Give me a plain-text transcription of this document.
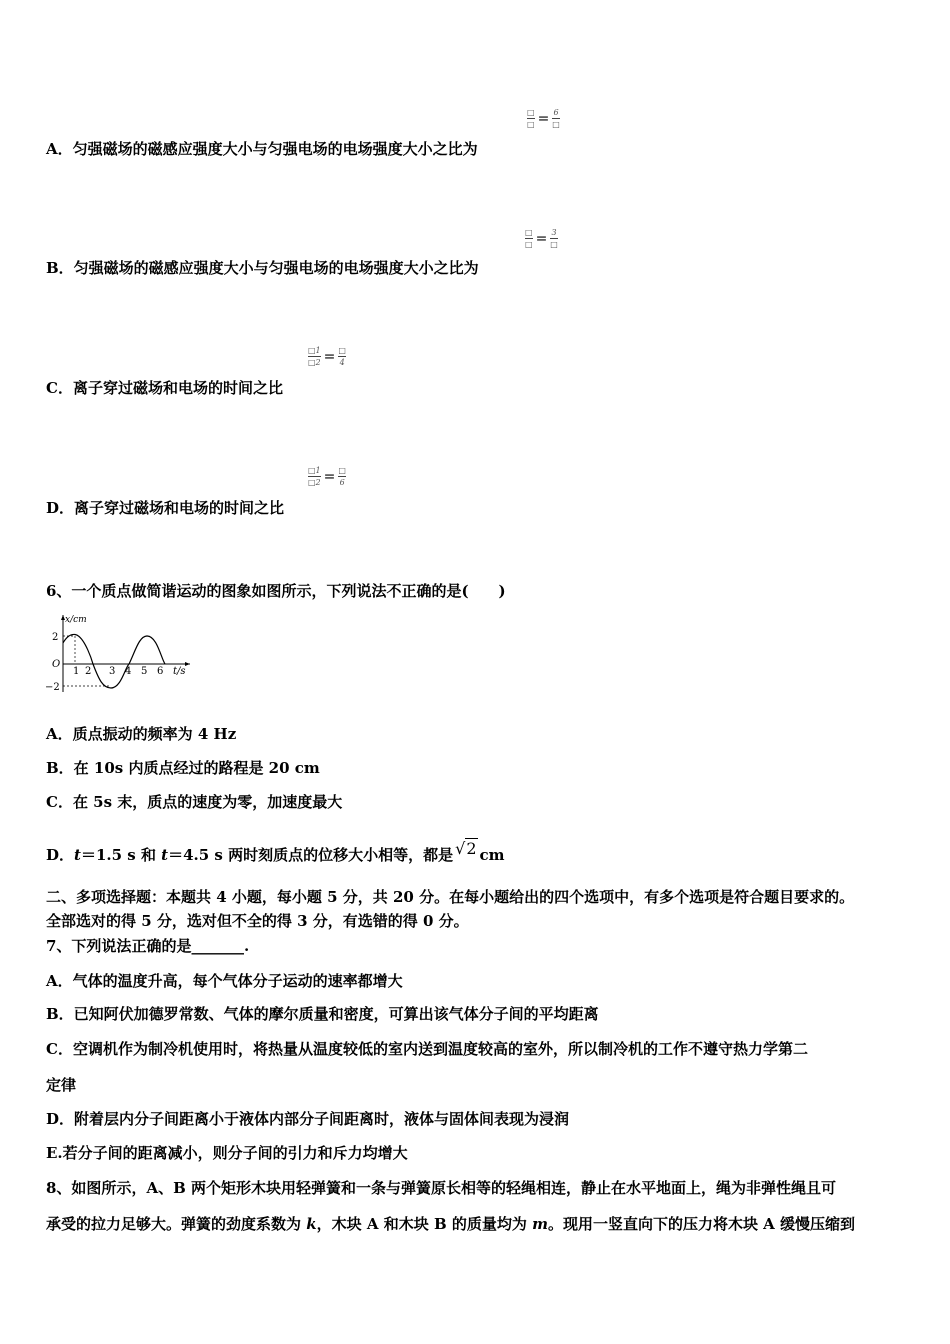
A．匀强磁场的磁感应强度大小与匀强电场的电场强度大小之比为
$\frac{□}{□} = \frac{6}{□}$
B．匀强磁场的磁感应强度大小与匀强电场的电场强度大小之比为
$\frac{□}{□} = \frac{3}{□}$
C．离子穿过磁场和电场的时间之比
$\frac{□1}{□2} = \frac{□}{4}$
D．离子穿过磁场和电场的时间之比
$\frac{□1}{□2} = \frac{□}{6}$
6、一个质点做简谐运动的图象如图所示，下列说法不正确的是(　　)
x/cm
2
−2
O
1 2 3 4 5 6 t/s
A．质点振动的频率为 4 Hz
B．在 10s 内质点经过的路程是 20 cm
C．在 5s 末，质点的速度为零，加速度最大
D．t＝1.5 s 和 t＝4.5 s 两时刻质点的位移大小相等，都是 √2 cm
二、多项选择题：本题共 4 小题，每小题 5 分，共 20 分。在每小题给出的四个选项中，有多个选项是符合题目要求的。
全部选对的得 5 分，选对但不全的得 3 分，有选错的得 0 分。
7、下列说法正确的是_______.
A．气体的温度升高，每个气体分子运动的速率都增大
B．已知阿伏加德罗常数、气体的摩尔质量和密度，可算出该气体分子间的平均距离
C．空调机作为制冷机使用时，将热量从温度较低的室内送到温度较高的室外，所以制冷机的工作不遵守热力学第二
定律
D．附着层内分子间距离小于液体内部分子间距离时，液体与固体间表现为浸润
E.若分子间的距离减小，则分子间的引力和斥力均增大
8、如图所示，A、B 两个矩形木块用轻弹簧和一条与弹簧原长相等的轻绳相连，静止在水平地面上，绳为非弹性绳且可
承受的拉力足够大。弹簧的劲度系数为 k，木块 A 和木块 B 的质量均为 m。现用一竖直向下的压力将木块 A 缓慢压缩到
